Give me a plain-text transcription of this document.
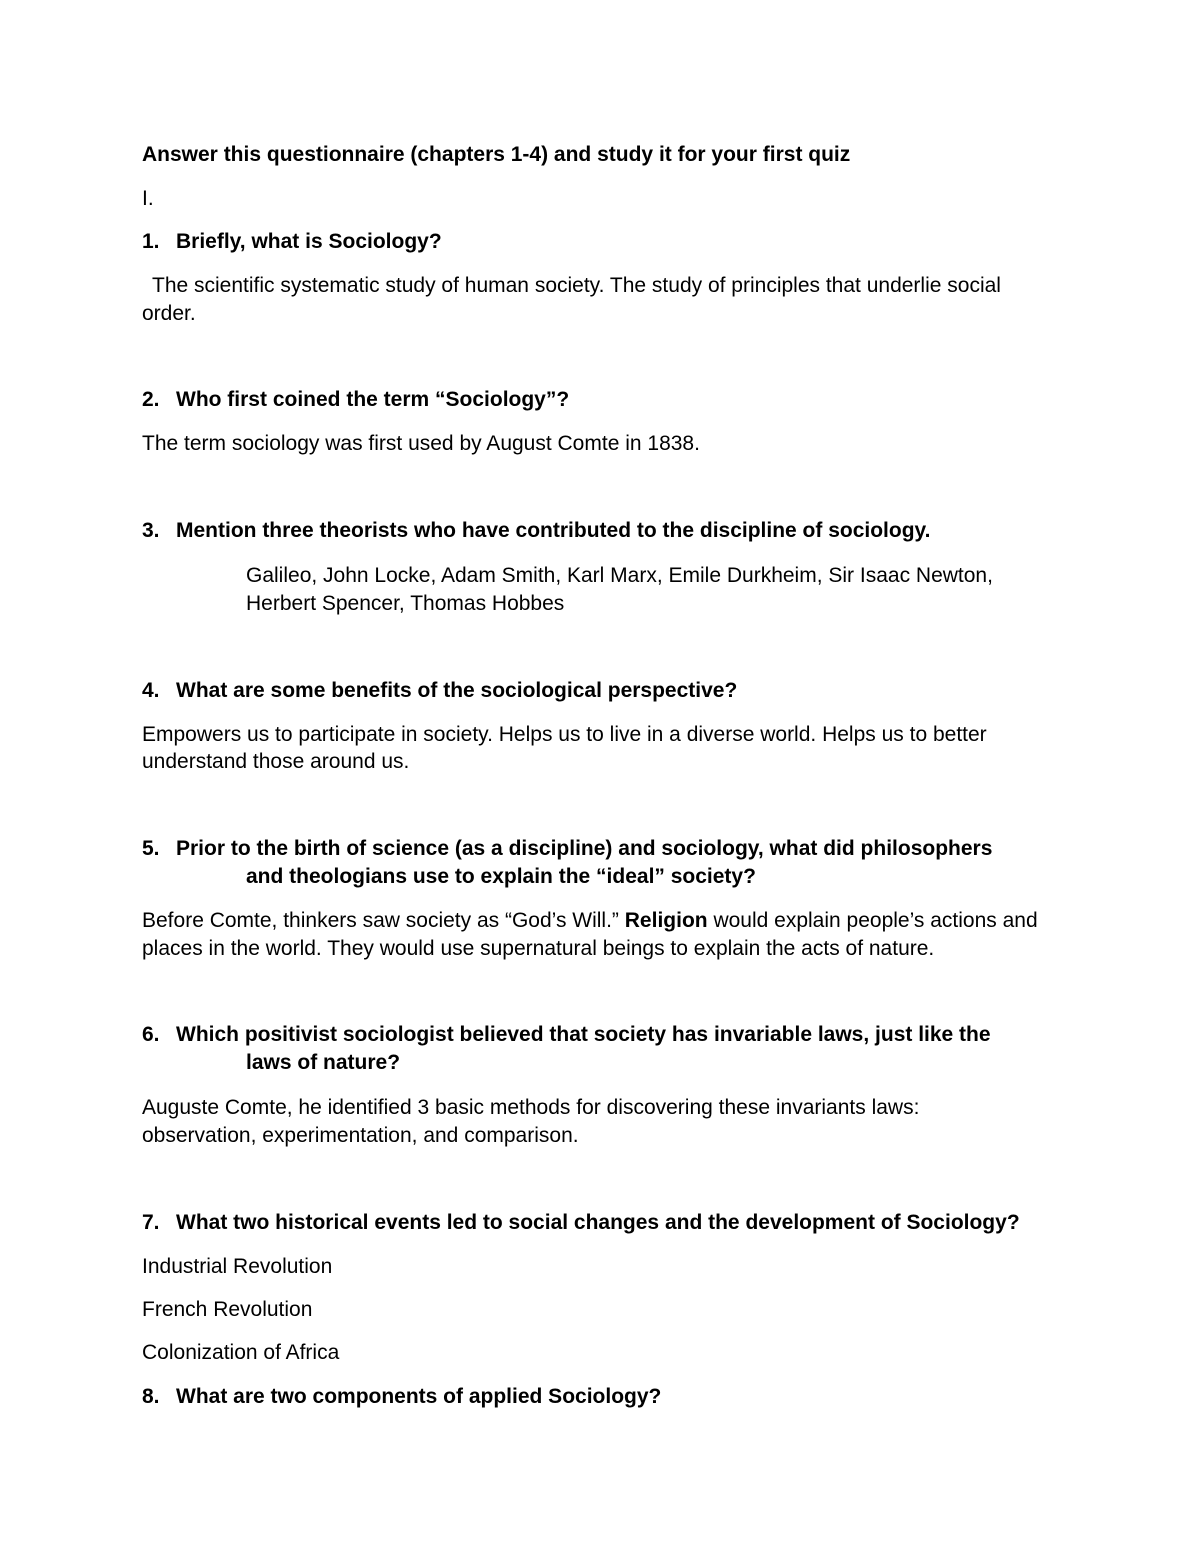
Answer this questionnaire (chapters 1-4) and study it for your first quiz
I.
1. Briefly, what is Sociology?
The scientific systematic study of human society. The study of principles that underlie social
order.
2. Who first coined the term “Sociology”?
The term sociology was first used by August Comte in 1838.
3. Mention three theorists who have contributed to the discipline of sociology.
Galileo, John Locke, Adam Smith, Karl Marx, Emile Durkheim, Sir Isaac Newton,
Herbert Spencer, Thomas Hobbes
4. What are some benefits of the sociological perspective?
Empowers us to participate in society. Helps us to live in a diverse world. Helps us to better
understand those around us.
5. Prior to the birth of science (as a discipline) and sociology, what did philosophers
and theologians use to explain the “ideal” society?
Before Comte, thinkers saw society as “God’s Will.” Religion would explain people’s actions and
places in the world. They would use supernatural beings to explain the acts of nature.
6. Which positivist sociologist believed that society has invariable laws, just like the
laws of nature?
Auguste Comte, he identified 3 basic methods for discovering these invariants laws:
observation, experimentation, and comparison.
7. What two historical events led to social changes and the development of Sociology?
Industrial Revolution
French Revolution
Colonization of Africa
8. What are two components of applied Sociology?
